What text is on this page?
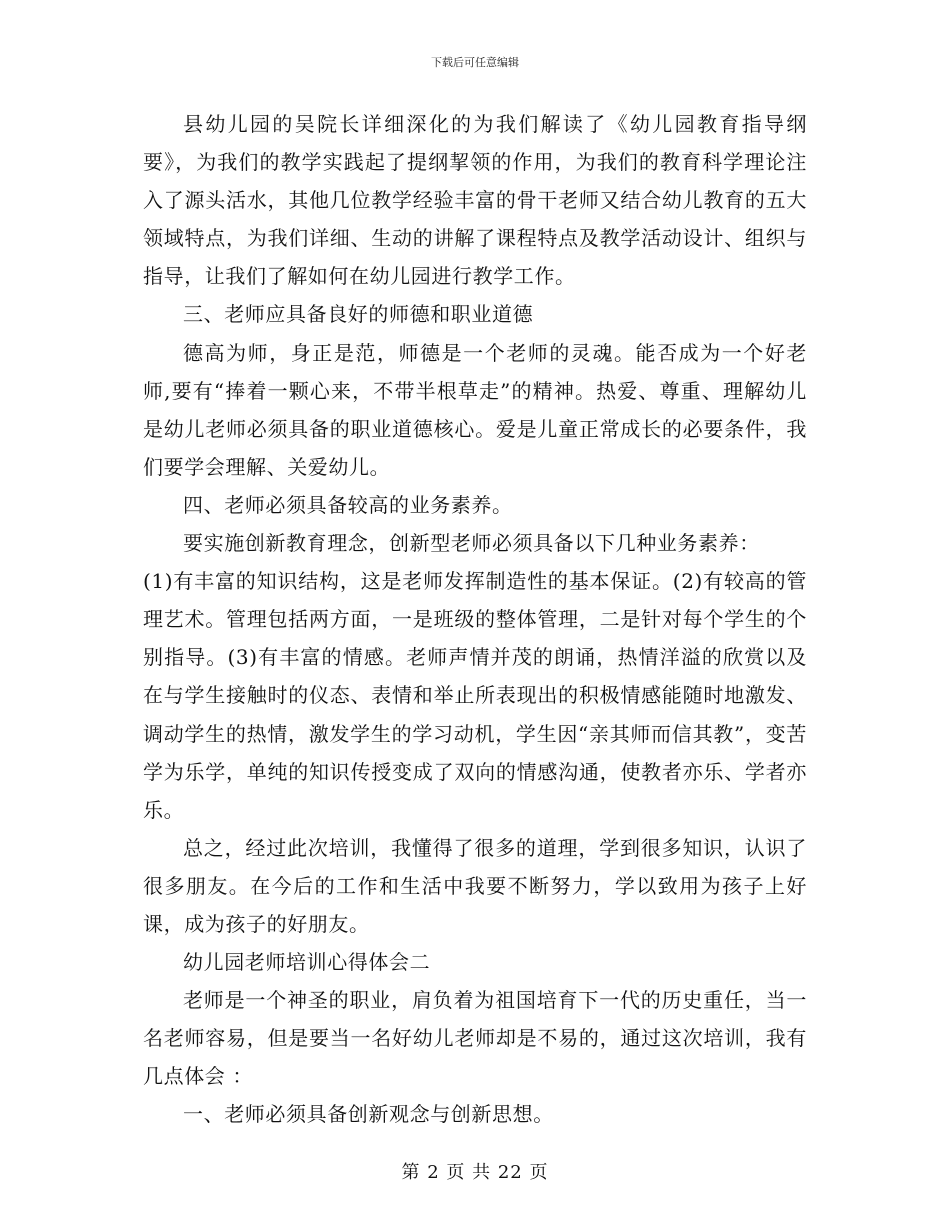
下载后可任意编辑

县幼儿园的吴院长详细深化的为我们解读了《幼儿园教育指导纲要》，为我们的教学实践起了提纲挈领的作用，为我们的教育科学理论注入了源头活水，其他几位教学经验丰富的骨干老师又结合幼儿教育的五大领域特点，为我们详细、生动的讲解了课程特点及教学活动设计、组织与指导，让我们了解如何在幼儿园进行教学工作。

三、老师应具备良好的师德和职业道德

德高为师，身正是范，师德是一个老师的灵魂。能否成为一个好老师,要有“捧着一颗心来，不带半根草走”的精神。热爱、尊重、理解幼儿是幼儿老师必须具备的职业道德核心。爱是儿童正常成长的必要条件，我们要学会理解、关爱幼儿。

四、老师必须具备较高的业务素养。

要实施创新教育理念，创新型老师必须具备以下几种业务素养：

(1)有丰富的知识结构，这是老师发挥制造性的基本保证。(2)有较高的管理艺术。管理包括两方面，一是班级的整体管理，二是针对每个学生的个别指导。(3)有丰富的情感。老师声情并茂的朗诵，热情洋溢的欣赏以及在与学生接触时的仪态、表情和举止所表现出的积极情感能随时地激发、调动学生的热情，激发学生的学习动机，学生因“亲其师而信其教”，变苦学为乐学，单纯的知识传授变成了双向的情感沟通，使教者亦乐、学者亦乐。

总之，经过此次培训，我懂得了很多的道理，学到很多知识，认识了很多朋友。在今后的工作和生活中我要不断努力，学以致用为孩子上好课，成为孩子的好朋友。

幼儿园老师培训心得体会二

老师是一个神圣的职业，肩负着为祖国培育下一代的历史重任，当一名老师容易，但是要当一名好幼儿老师却是不易的，通过这次培训，我有几点体会 ：

一、老师必须具备创新观念与创新思想。

第 2 页 共 22 页
